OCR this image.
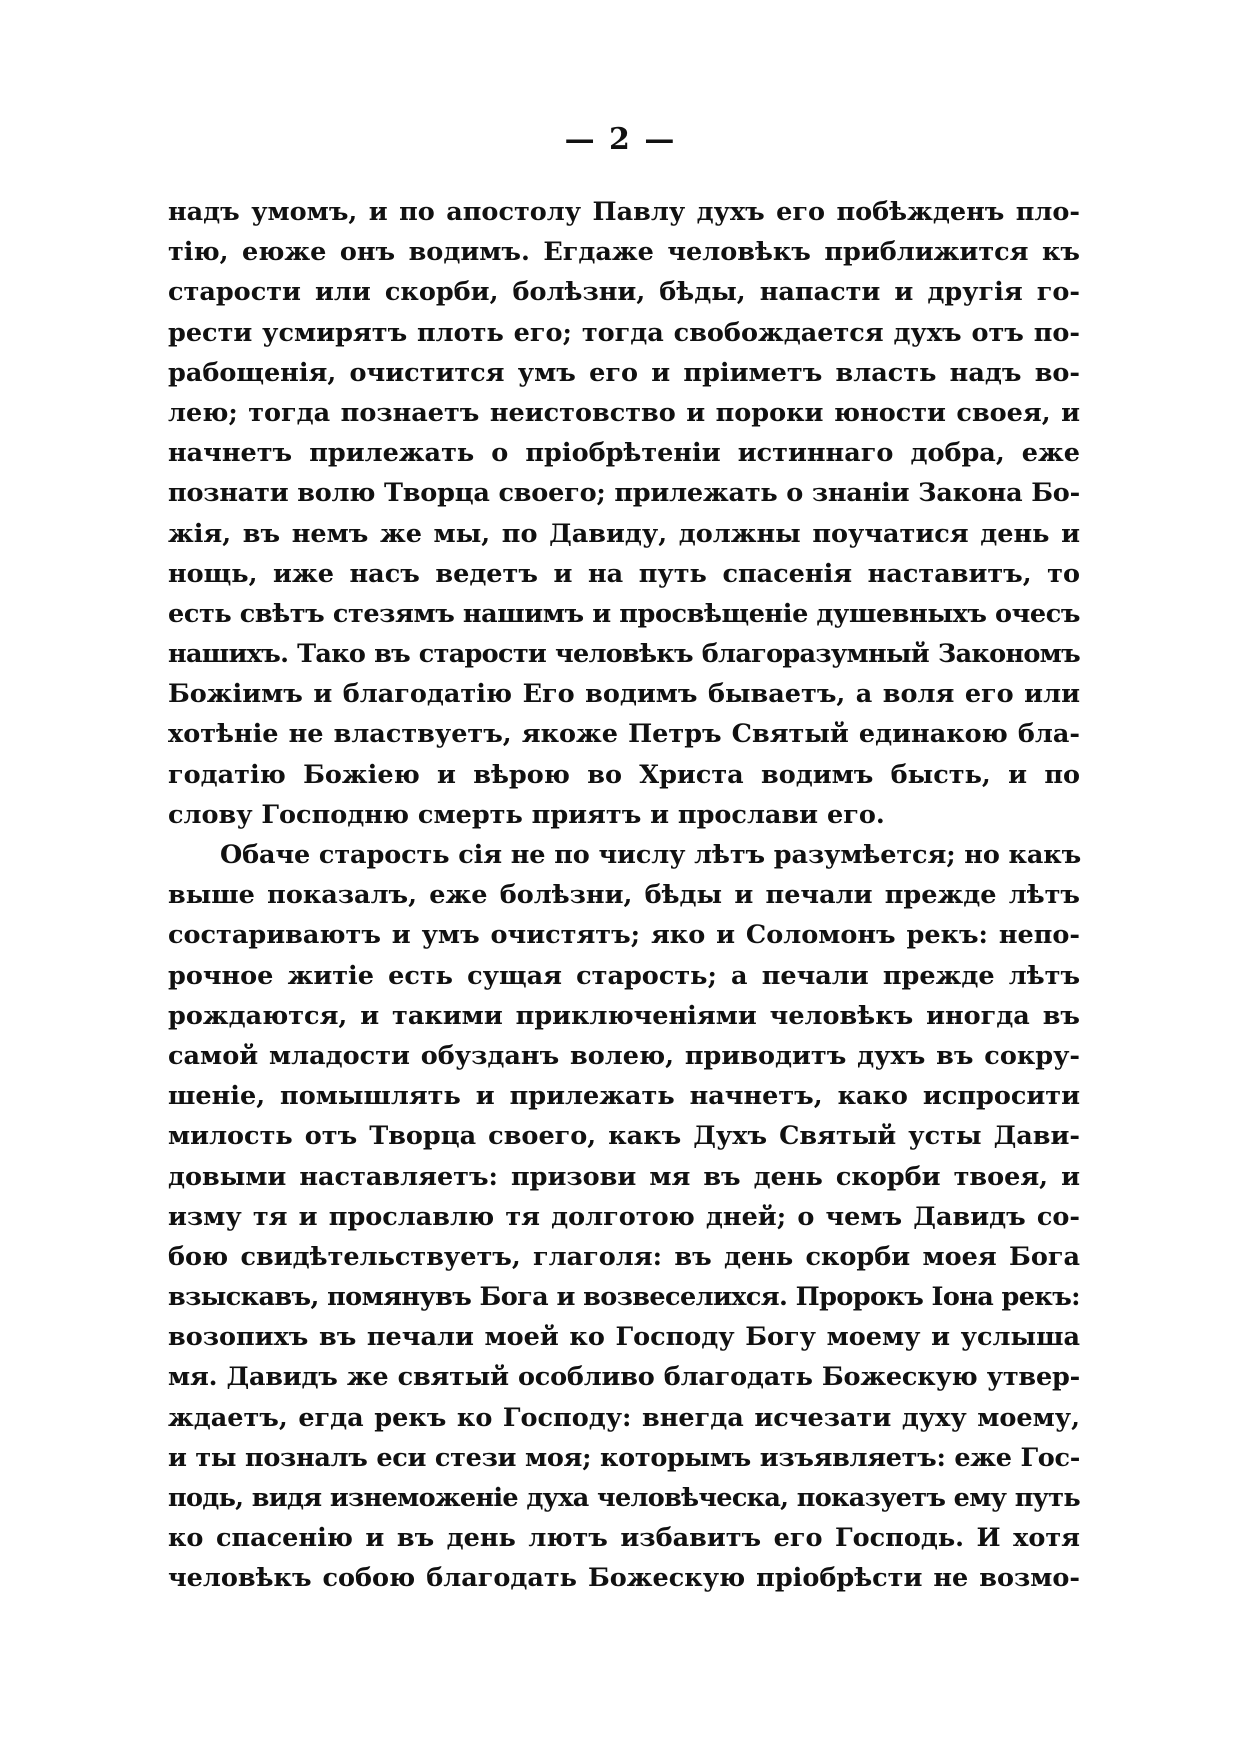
— 2 —
надъ умомъ, и по апостолу Павлу духъ его побѣжденъ пло-
тію, еюже онъ водимъ. Егдаже человѣкъ приближится къ
старости или скорби, болѣзни, бѣды, напасти и другія го-
рести усмирятъ плоть его; тогда свобождается духъ отъ по-
рабощенія, очистится умъ его и пріиметъ власть надъ во-
лею; тогда познаетъ неистовство и пороки юности своея, и
начнетъ прилежать о пріобрѣтеніи истиннаго добра, еже
познати волю Творца своего; прилежать о знаніи Закона Бо-
жія, въ немъ же мы, по Давиду, должны поучатися день и
нощь, иже насъ ведетъ и на путь спасенія наставитъ, то
есть свѣтъ стезямъ нашимъ и просвѣщеніе душевныхъ очесъ
нашихъ. Тако въ старости человѣкъ благоразумный Закономъ
Божіимъ и благодатію Его водимъ бываетъ, а воля его или
хотѣніе не властвуетъ, якоже Петръ Святый единакою бла-
годатію Божіею и вѣрою во Христа водимъ бысть, и по
слову Господню смерть приятъ и прослави его.
Обаче старость сія не по числу лѣтъ разумѣется; но какъ
выше показалъ, еже болѣзни, бѣды и печали прежде лѣтъ
состариваютъ и умъ очистятъ; яко и Соломонъ рекъ: непо-
рочное житіе есть сущая старость; а печали прежде лѣтъ
рождаются, и такими приключеніями человѣкъ иногда въ
самой младости обузданъ волею, приводитъ духъ въ сокру-
шеніе, помышлять и прилежать начнетъ, како испросити
милость отъ Творца своего, какъ Духъ Святый усты Дави-
довыми наставляетъ: призови мя въ день скорби твоея, и
изму тя и прославлю тя долготою дней; о чемъ Давидъ со-
бою свидѣтельствуетъ, глаголя: въ день скорби моея Бога
взыскавъ, помянувъ Бога и возвеселихся. Пророкъ Іона рекъ:
возопихъ въ печали моей ко Господу Богу моему и услыша
мя. Давидъ же святый особливо благодать Божескую утвер-
ждаетъ, егда рекъ ко Господу: внегда исчезати духу моему,
и ты позналъ еси стези моя; которымъ изъявляетъ: еже Гос-
подь, видя изнеможеніе духа человѣческа, показуетъ ему путь
ко спасенію и въ день лютъ избавитъ его Господь. И хотя
человѣкъ собою благодать Божескую пріобрѣсти не возмо-
